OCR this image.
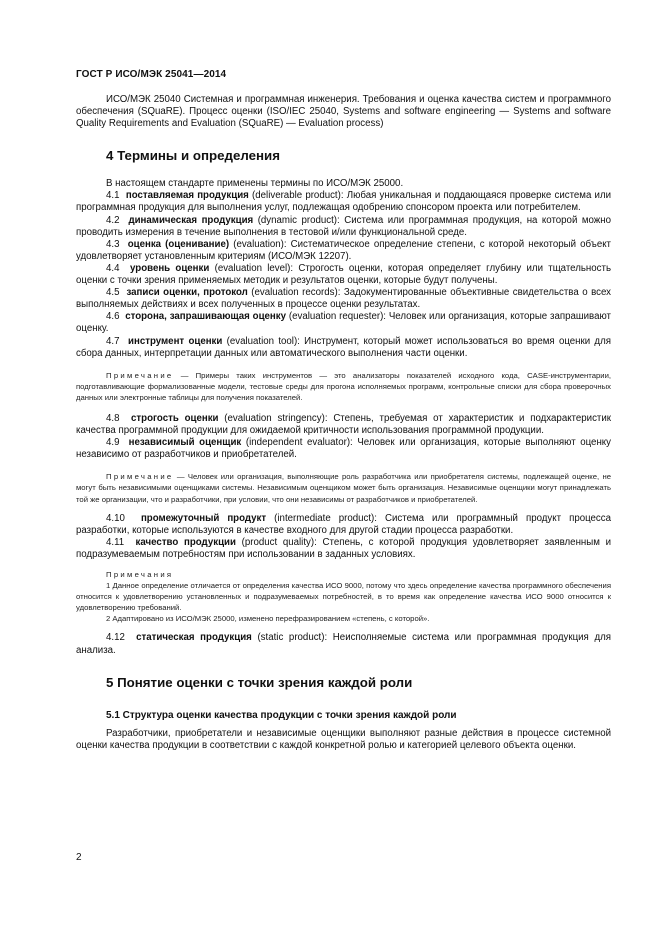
ГОСТ Р ИСО/МЭК 25041—2014

ИСО/МЭК 25040 Системная и программная инженерия. Требования и оценка качества систем и программного обеспечения (SQuaRE). Процесс оценки (ISO/IEC 25040, Systems and software engineering — Systems and software Quality Requirements and Evaluation (SQuaRE) — Evaluation process)

4 Термины и определения

В настоящем стандарте применены термины по ИСО/МЭК 25000.

4.1 поставляемая продукция (deliverable product): Любая уникальная и поддающаяся проверке система или программная продукция для выполнения услуг, подлежащая одобрению спонсором проекта или потребителем.

4.2 динамическая продукция (dynamic product): Система или программная продукция, на которой можно проводить измерения в течение выполнения в тестовой и/или функциональной среде.

4.3 оценка (оценивание) (evaluation): Систематическое определение степени, с которой некоторый объект удовлетворяет установленным критериям (ИСО/МЭК 12207).

4.4 уровень оценки (evaluation level): Строгость оценки, которая определяет глубину или тщательность оценки с точки зрения применяемых методик и результатов оценки, которые будут получены.

4.5 записи оценки, протокол (evaluation records): Задокументированные объективные свидетельства о всех выполняемых действиях и всех полученных в процессе оценки результатах.

4.6 сторона, запрашивающая оценку (evaluation requester): Человек или организация, которые запрашивают оценку.

4.7 инструмент оценки (evaluation tool): Инструмент, который может использоваться во время оценки для сбора данных, интерпретации данных или автоматического выполнения части оценки.

Примечание — Примеры таких инструментов — это анализаторы показателей исходного кода, CASE-инструментарии, подготавливающие формализованные модели, тестовые среды для прогона исполняемых программ, контрольные списки для сбора проверочных данных или электронные таблицы для получения показателей.

4.8 строгость оценки (evaluation stringency): Степень, требуемая от характеристик и подхарактеристик качества программной продукции для ожидаемой критичности использования программной продукции.

4.9 независимый оценщик (independent evaluator): Человек или организация, которые выполняют оценку независимо от разработчиков и приобретателей.

Примечание — Человек или организация, выполняющие роль разработчика или приобретателя системы, подлежащей оценке, не могут быть независимыми оценщиками системы. Независимым оценщиком может быть организация. Независимые оценщики могут принадлежать той же организации, что и разработчики, при условии, что они независимы от разработчиков и приобретателей.

4.10 промежуточный продукт (intermediate product): Система или программный продукт процесса разработки, которые используются в качестве входного для другой стадии процесса разработки.

4.11 качество продукции (product quality): Степень, с которой продукция удовлетворяет заявленным и подразумеваемым потребностям при использовании в заданных условиях.

Примечания

1 Данное определение отличается от определения качества ИСО 9000, потому что здесь определение качества программного обеспечения относится к удовлетворению установленных и подразумеваемых потребностей, в то время как определение качества ИСО 9000 относится к удовлетворению требований.

2 Адаптировано из ИСО/МЭК 25000, изменено перефразированием «степень, с которой».

4.12 статическая продукция (static product): Неисполняемые система или программная продукция для анализа.

5 Понятие оценки с точки зрения каждой роли
5.1 Структура оценки качества продукции с точки зрения каждой роли

Разработчики, приобретатели и независимые оценщики выполняют разные действия в процессе системной оценки качества продукции в соответствии с каждой конкретной ролью и категорией целевого объекта оценки.

2
